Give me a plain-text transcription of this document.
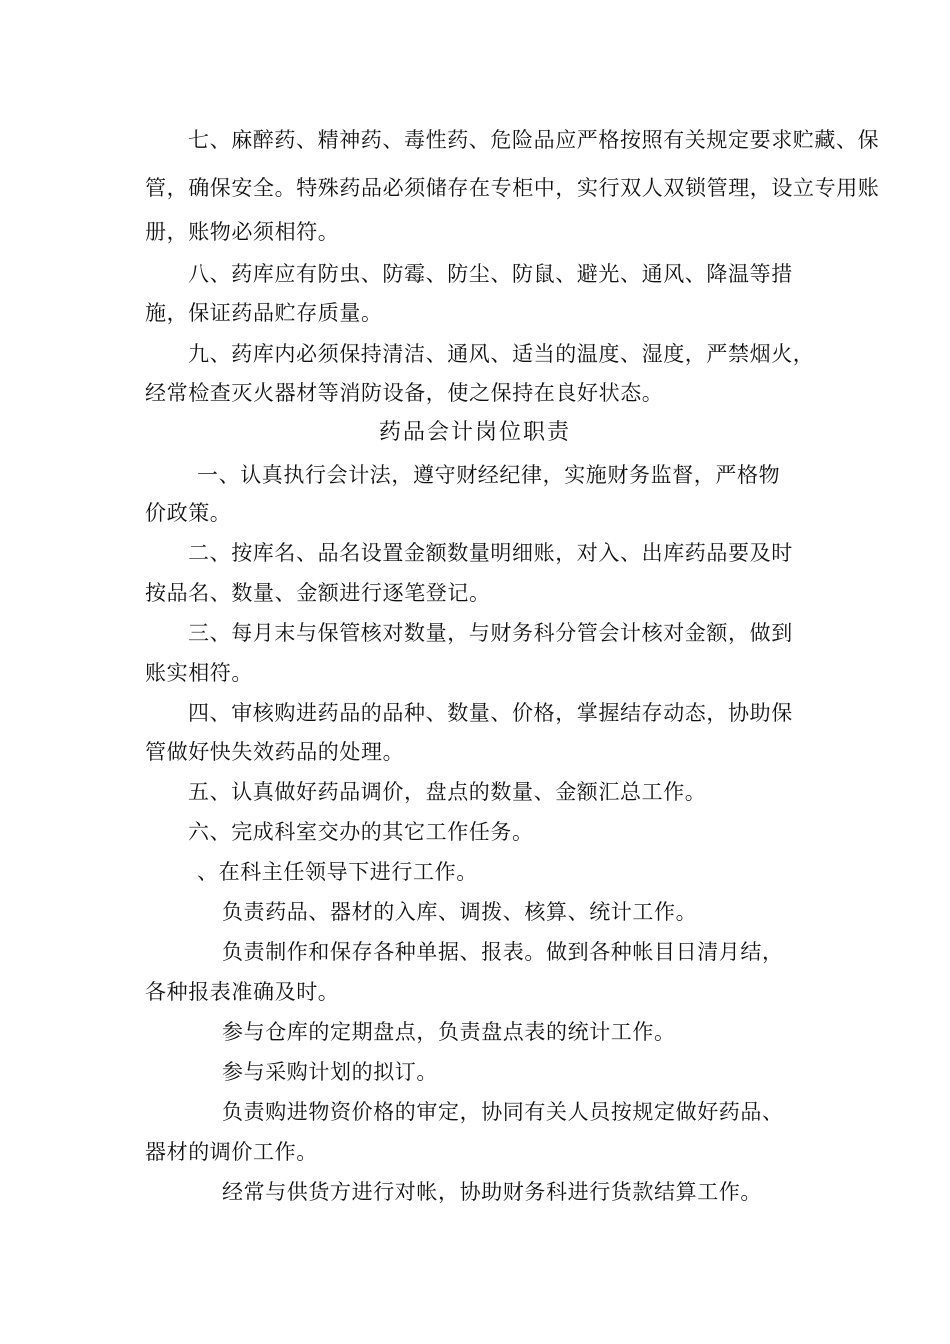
七、麻醉药、精神药、毒性药、危险品应严格按照有关规定要求贮藏、保
管，确保安全。特殊药品必须储存在专柜中，实行双人双锁管理，设立专用账
册，账物必须相符。
八、药库应有防虫、防霉、防尘、防鼠、避光、通风、降温等措
施，保证药品贮存质量。
九、药库内必须保持清洁、通风、适当的温度、湿度，严禁烟火，
经常检查灭火器材等消防设备，使之保持在良好状态。
药品会计岗位职责
一、认真执行会计法，遵守财经纪律，实施财务监督，严格物
价政策。
二、按库名、品名设置金额数量明细账，对入、出库药品要及时
按品名、数量、金额进行逐笔登记。
三、每月末与保管核对数量，与财务科分管会计核对金额，做到
账实相符。
四、审核购进药品的品种、数量、价格，掌握结存动态，协助保
管做好快失效药品的处理。
五、认真做好药品调价，盘点的数量、金额汇总工作。
六、完成科室交办的其它工作任务。
、在科主任领导下进行工作。
负责药品、器材的入库、调拨、核算、统计工作。
负责制作和保存各种单据、报表。做到各种帐目日清月结，
各种报表准确及时。
参与仓库的定期盘点，负责盘点表的统计工作。
参与采购计划的拟订。
负责购进物资价格的审定，协同有关人员按规定做好药品、
器材的调价工作。
经常与供货方进行对帐，协助财务科进行货款结算工作。
